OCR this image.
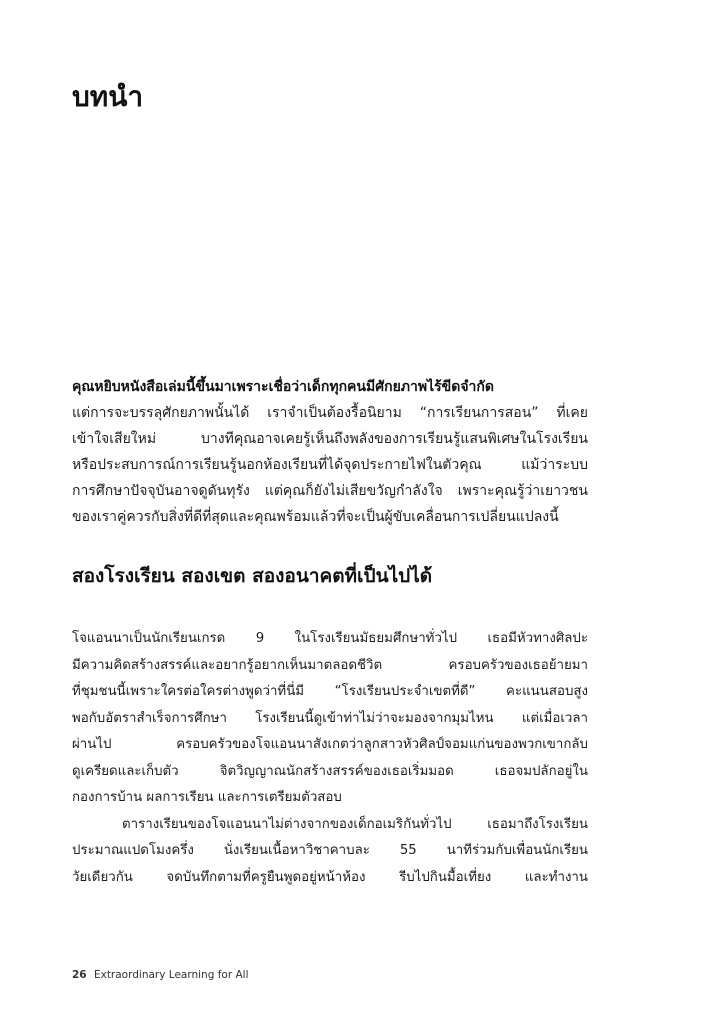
บทนำ
คุณหยิบหนังสือเล่มนี้ขึ้นมาเพราะเชื่อว่าเด็กทุกคนมีศักยภาพไร้ขีดจำกัด
แต่การจะบรรลุศักยภาพนั้นได้ เราจำเป็นต้องรื้อนิยาม “การเรียนการสอน” ที่เคย
เข้าใจเสียใหม่ บางทีคุณอาจเคยรู้เห็นถึงพลังของการเรียนรู้แสนพิเศษในโรงเรียน
หรือประสบการณ์การเรียนรู้นอกห้องเรียนที่ได้จุดประกายไฟในตัวคุณ แม้ว่าระบบ
การศึกษาปัจจุบันอาจดูดันทุรัง แต่คุณก็ยังไม่เสียขวัญกำลังใจ เพราะคุณรู้ว่าเยาวชน
ของเราคู่ควรกับสิ่งที่ดีที่สุดและคุณพร้อมแล้วที่จะเป็นผู้ขับเคลื่อนการเปลี่ยนแปลงนี้
สองโรงเรียน สองเขต สองอนาคตที่เป็นไปได้
โจแอนนาเป็นนักเรียนเกรด 9 ในโรงเรียนมัธยมศึกษาทั่วไป เธอมีหัวทางศิลปะ
มีความคิดสร้างสรรค์และอยากรู้อยากเห็นมาตลอดชีวิต ครอบครัวของเธอย้ายมา
ที่ชุมชนนี้เพราะใครต่อใครต่างพูดว่าที่นี่มี “โรงเรียนประจำเขตที่ดี” คะแนนสอบสูง
พอกับอัตราสำเร็จการศึกษา โรงเรียนนี้ดูเข้าท่าไม่ว่าจะมองจากมุมไหน แต่เมื่อเวลา
ผ่านไป ครอบครัวของโจแอนนาสังเกตว่าลูกสาวหัวศิลป์จอมแก่นของพวกเขากลับ
ดูเครียดและเก็บตัว จิตวิญญาณนักสร้างสรรค์ของเธอเริ่มมอด เธอจมปลักอยู่ใน
กองการบ้าน ผลการเรียน และการเตรียมตัวสอบ
ตารางเรียนของโจแอนนาไม่ต่างจากของเด็กอเมริกันทั่วไป เธอมาถึงโรงเรียน
ประมาณแปดโมงครึ่ง นั่งเรียนเนื้อหาวิชาคาบละ 55 นาทีร่วมกับเพื่อนนักเรียน
วัยเดียวกัน จดบันทึกตามที่ครูยืนพูดอยู่หน้าห้อง รีบไปกินมื้อเที่ยง และทำงาน
26 Extraordinary Learning for All
